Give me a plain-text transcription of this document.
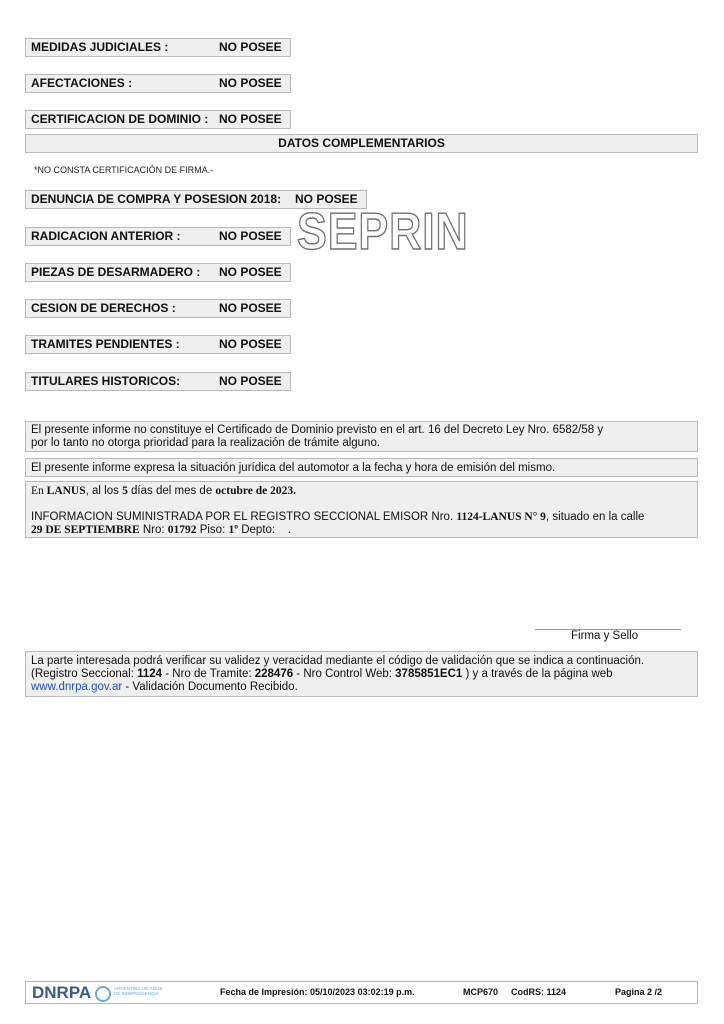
MEDIDAS JUDICIALES :	NO POSEE
AFECTACIONES :	NO POSEE
CERTIFICACION DE DOMINIO : NO POSEE
DATOS COMPLEMENTARIOS
*NO CONSTA CERTIFICACIÓN DE FIRMA.-
DENUNCIA DE COMPRA Y POSESION 2018: NO POSEE
RADICACION ANTERIOR :	NO POSEE
PIEZAS DE DESARMADERO : NO POSEE
CESION DE DERECHOS :	NO POSEE
TRAMITES PENDIENTES :	NO POSEE
TITULARES HISTORICOS:	NO POSEE
SEPRIN
El presente informe no constituye el Certificado de Dominio previsto en el art. 16 del Decreto Ley Nro. 6582/58 y
por lo tanto no otorga prioridad para la realización de trámite alguno.
El presente informe expresa la situación jurídica del automotor a la fecha y hora de emisión del mismo.
En LANUS, al los 5 días del mes de octubre de 2023.
INFORMACION SUMINISTRADA POR EL REGISTRO SECCIONAL EMISOR Nro. 1124-LANUS N° 9, situado en la calle
29 DE SEPTIEMBRE Nro: 01792 Piso: 1º Depto:    .
Firma y Sello
La parte interesada podrá verificar su validez y veracidad mediante el código de validación que se indica a continuación.
(Registro Seccional: 1124 - Nro de Tramite: 228476 - Nro Control Web: 3785851EC1 ) y a través de la página web
www.dnrpa.gov.ar - Validación Documento Recibido.
DNRPA	ARGENTINA 100 AÑOS DE INDEPENDENCIA	Fecha de Impresión: 05/10/2023 03:02:19 p.m.	MCP670 CodRS: 1124	Pagina 2 /2
